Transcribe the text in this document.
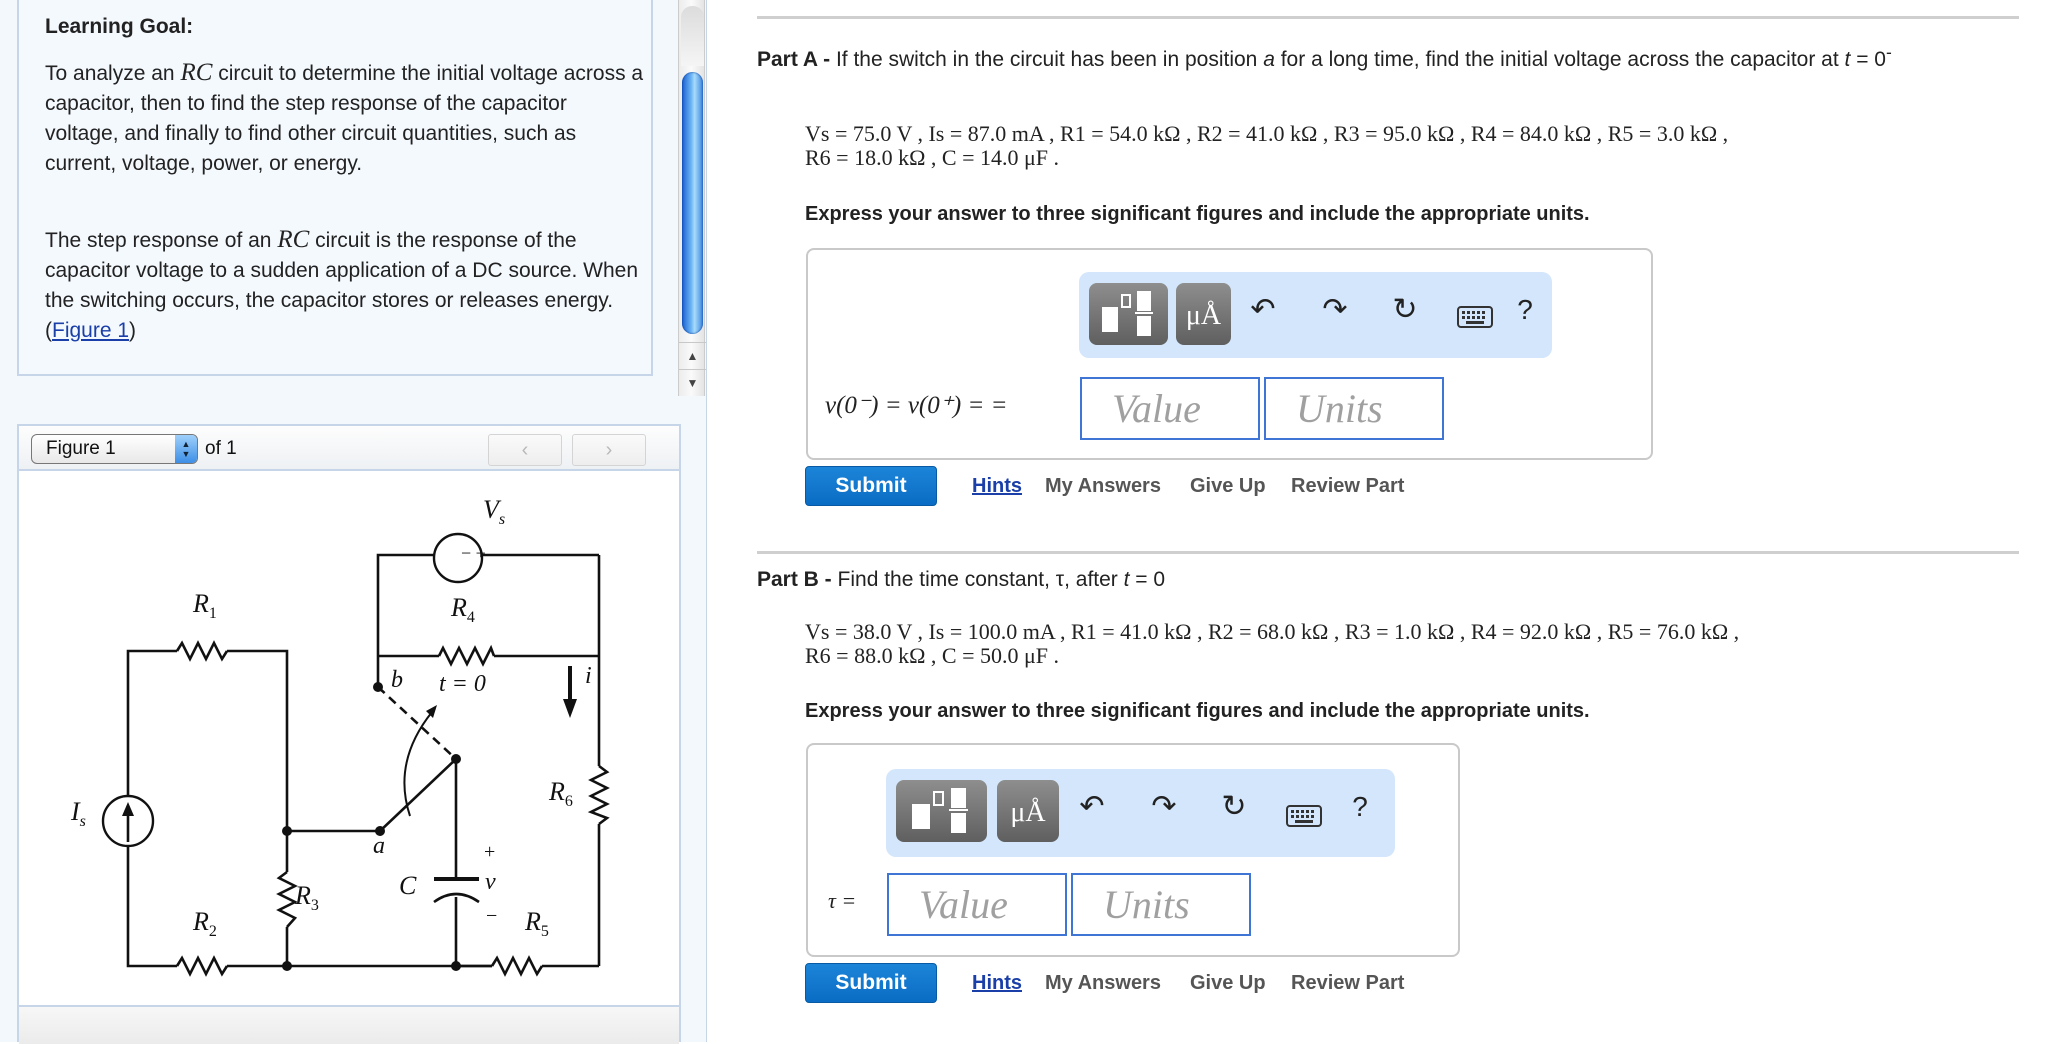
Learning Goal:
To analyze an RC circuit to determine the initial voltage across a capacitor, then to find the step response of the capacitor voltage, and finally to find other circuit quantities, such as current, voltage, power, or energy.
The step response of an RC circuit is the response of the capacitor voltage to a sudden application of a DC source. When the switching occurs, the capacitor stores or releases energy.(Figure 1)
▲
▼
Figure 1	▲
▼ of 1	‹	›
$V_s$
− +
$R_1$	$R_4$
b t = 0	i
$R_6$
$I_s$
a	+
C	v
$R_3$	−
$R_2$	$R_5$
Part A - If the switch in the circuit has been in position a for a long time, find the initial voltage across the capacitor at t = 0-
Vs = 75.0 V , Is = 87.0 mA , R1 = 54.0 kΩ , R2 = 41.0 kΩ , R3 = 95.0 kΩ , R4 = 84.0 kΩ , R5 = 3.0 kΩ ,
R6 = 18.0 kΩ , C = 14.0 μF .
Express your answer to three significant figures and include the appropriate units.
μÅ ↶ ↷ ↻	?
v(0⁻) = v(0⁺) = =
Value
Units
Submit	Hints My Answers Give Up Review Part
Part B - Find the time constant, τ, after t = 0
Vs = 38.0 V , Is = 100.0 mA , R1 = 41.0 kΩ , R2 = 68.0 kΩ , R3 = 1.0 kΩ , R4 = 92.0 kΩ , R5 = 76.0 kΩ ,
R6 = 88.0 kΩ , C = 50.0 μF .
Express your answer to three significant figures and include the appropriate units.
μÅ	↶ ↷ ↻	?
τ =
Value
Units
Submit	Hints My Answers Give Up Review Part
